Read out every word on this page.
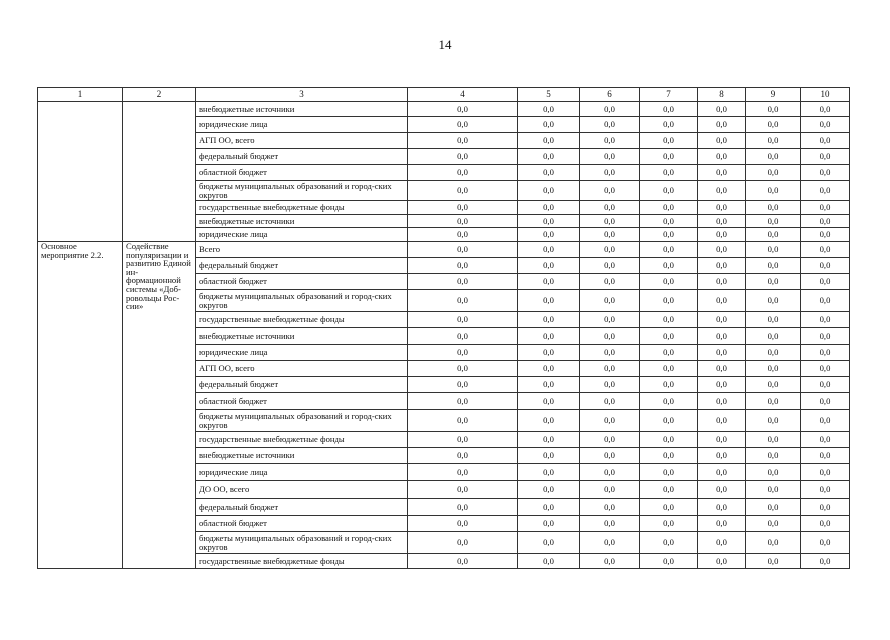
14
1	2	3	4	5	6	7	8	9	10
		внебюджетные источники	0,0	0,0	0,0	0,0	0,0	0,0	0,0
		юридические лица	0,0	0,0	0,0	0,0	0,0	0,0	0,0
		АГП ОО, всего	0,0	0,0	0,0	0,0	0,0	0,0	0,0
		федеральный бюджет	0,0	0,0	0,0	0,0	0,0	0,0	0,0
		областной бюджет	0,0	0,0	0,0	0,0	0,0	0,0	0,0
		бюджеты муниципальных образований и город-ских округов	0,0	0,0	0,0	0,0	0,0	0,0	0,0
		государственные внебюджетные фонды	0,0	0,0	0,0	0,0	0,0	0,0	0,0
		внебюджетные источники	0,0	0,0	0,0	0,0	0,0	0,0	0,0
		юридические лица	0,0	0,0	0,0	0,0	0,0	0,0	0,0
Основное мероприятие 2.2.	Содействие популяризации и развитию Единой ин-формационной системы «Доб-ровольцы Рос-сии»	Всего	0,0	0,0	0,0	0,0	0,0	0,0	0,0
		федеральный бюджет	0,0	0,0	0,0	0,0	0,0	0,0	0,0
		областной бюджет	0,0	0,0	0,0	0,0	0,0	0,0	0,0
		бюджеты муниципальных образований и город-ских округов	0,0	0,0	0,0	0,0	0,0	0,0	0,0
		государственные внебюджетные фонды	0,0	0,0	0,0	0,0	0,0	0,0	0,0
		внебюджетные источники	0,0	0,0	0,0	0,0	0,0	0,0	0,0
		юридические лица	0,0	0,0	0,0	0,0	0,0	0,0	0,0
		АГП ОО, всего	0,0	0,0	0,0	0,0	0,0	0,0	0,0
		федеральный бюджет	0,0	0,0	0,0	0,0	0,0	0,0	0,0
		областной бюджет	0,0	0,0	0,0	0,0	0,0	0,0	0,0
		бюджеты муниципальных образований и город-ских округов	0,0	0,0	0,0	0,0	0,0	0,0	0,0
		государственные внебюджетные фонды	0,0	0,0	0,0	0,0	0,0	0,0	0,0
		внебюджетные источники	0,0	0,0	0,0	0,0	0,0	0,0	0,0
		юридические лица	0,0	0,0	0,0	0,0	0,0	0,0	0,0
		ДО ОО, всего	0,0	0,0	0,0	0,0	0,0	0,0	0,0
		федеральный бюджет	0,0	0,0	0,0	0,0	0,0	0,0	0,0
		областной бюджет	0,0	0,0	0,0	0,0	0,0	0,0	0,0
		бюджеты муниципальных образований и город-ских округов	0,0	0,0	0,0	0,0	0,0	0,0	0,0
		государственные внебюджетные фонды	0,0	0,0	0,0	0,0	0,0	0,0	0,0
